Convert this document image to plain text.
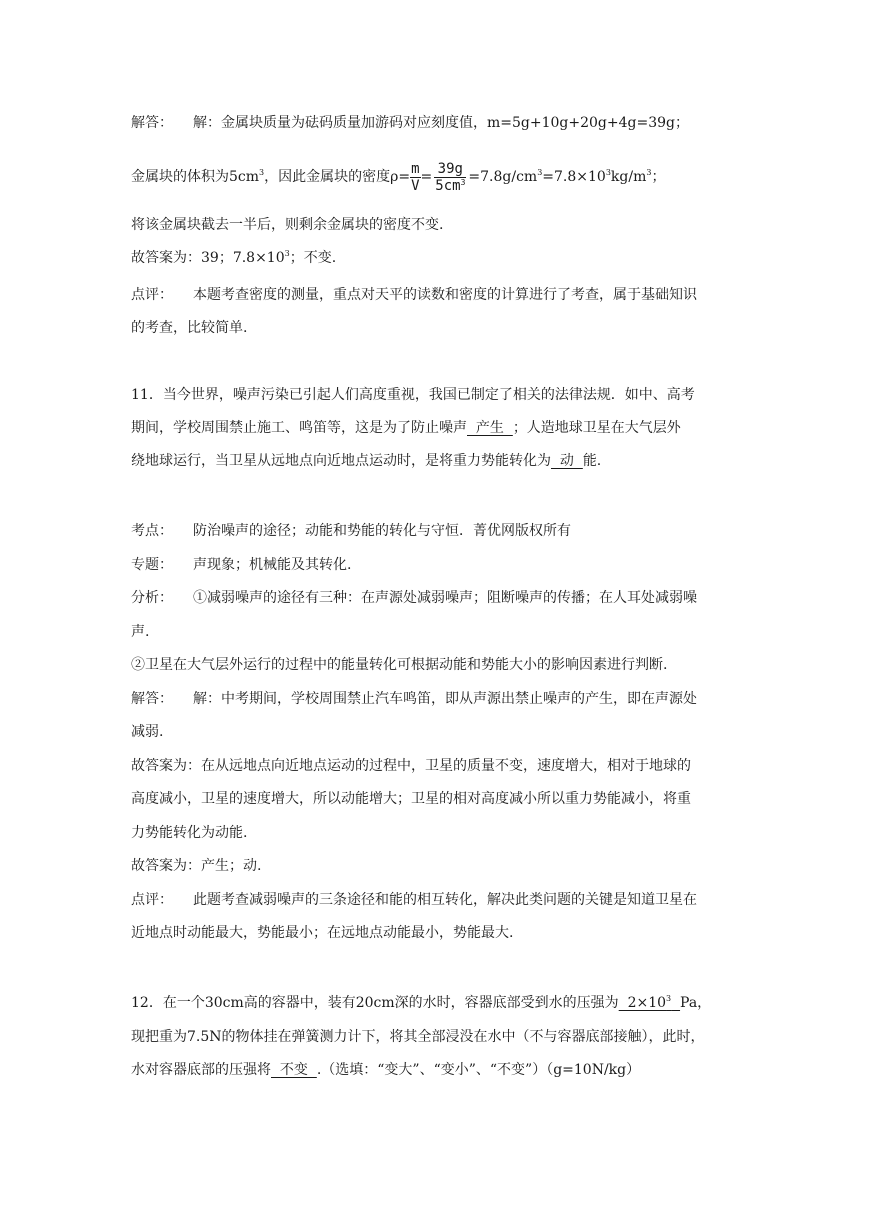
解答： 解：金属块质量为砝码质量加游码对应刻度值，m=5g+10g+20g+4g=39g；
金属块的体积为$5cm^3$，因此金属块的密度$\rho= \frac{m}{V} = \frac{39g}{5cm^3} =7.8g/cm^3=7.8\times 10^3kg/m^3$；
将该金属块截去一半后，则剩余金属块的密度不变.
故答案为：39；$7.8\times 10^3$；不变.
点评： 本题考查密度的测量，重点对天平的读数和密度的计算进行了考查，属于基础知识
的考查，比较简单.
11．当今世界，噪声污染已引起人们高度重视，我国已制定了相关的法律法规．如中、高考
期间，学校周围禁止施工、鸣笛等，这是为了防止噪声  产生  ；人造地球卫星在大气层外
绕地球运行，当卫星从远地点向近地点运动时，是将重力势能转化为  动  能.
考点： 防治噪声的途径；动能和势能的转化与守恒．菁优网版权所有
专题： 声现象；机械能及其转化.
分析： ①减弱噪声的途径有三种：在声源处减弱噪声；阻断噪声的传播；在人耳处减弱噪
声.
②卫星在大气层外运行的过程中的能量转化可根据动能和势能大小的影响因素进行判断.
解答： 解：中考期间，学校周围禁止汽车鸣笛，即从声源出禁止噪声的产生，即在声源处
减弱.
故答案为：在从远地点向近地点运动的过程中，卫星的质量不变，速度增大，相对于地球的
高度减小，卫星的速度增大，所以动能增大；卫星的相对高度减小所以重力势能减小，将重
力势能转化为动能.
故答案为：产生；动.
点评： 此题考查减弱噪声的三条途径和能的相互转化，解决此类问题的关键是知道卫星在
近地点时动能最大，势能最小；在远地点动能最小，势能最大.
12．在一个30cm高的容器中，装有20cm深的水时，容器底部受到水的压强为  $2\times 10^3$ Pa，
现把重为7.5N的物体挂在弹簧测力计下，将其全部浸没在水中（不与容器底部接触），此时，
水对容器底部的压强将  不变  .（选填：“变大”、“变小”、“不变”）（g=10N/kg）
